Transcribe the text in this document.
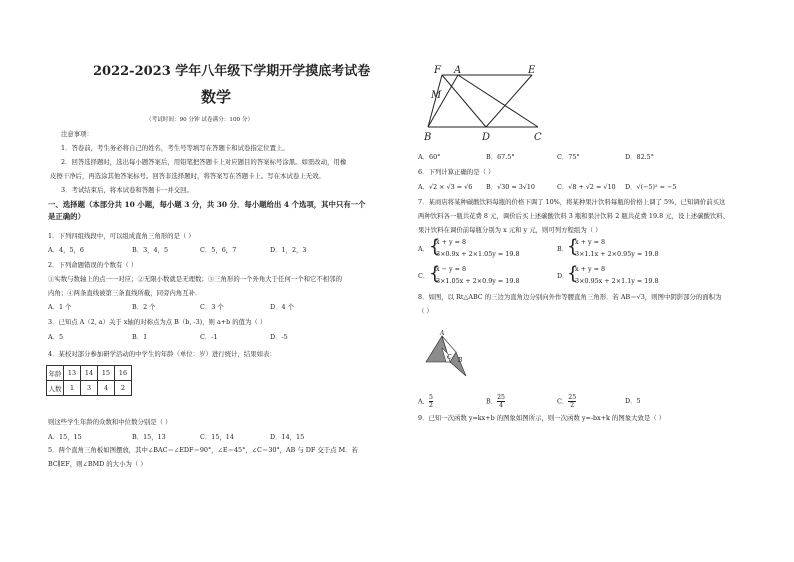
2022-2023 学年八年级下学期开学摸底考试卷
数学
（考试时间：90 分钟 试卷满分：100 分）
注意事项：
1．答卷前，考生务必将自己的姓名，考生号等填写在答题卡和试卷指定位置上。
2．回答选择题时，选出每小题答案后，用铅笔把答题卡上对应题目的答案标号涂黑。如需改动，用橡
皮擦干净后，再选涂其他答案标号。回答非选择题时，将答案写在答题卡上。写在本试卷上无效。
3．考试结束后，将本试卷和答题卡一并交回。
一、选择题（本部分共 10 小题，每小题 3 分，共 30 分．每小题给出 4 个选项，其中只有一个
是正确的）
1．下列四组线段中，可以组成直角三角形的是（ ）
A．4，5，6	B．3，4，5	C．5，6，7	D．1，2，3
2．下列命题错误的个数有（ ）
①实数与数轴上的点一一对应；②无限小数就是无理数；③三角形的一个外角大于任何一个和它不相邻的
内角；④两条直线被第三条直线所截，同旁内角互补．
A．1 个	B．2 个	C．3 个	D．4 个
3．已知点 A（2, a）关于 x轴的对称点为点 B（b, -3)，则 a+b 的值为（ ）
A．5	B．1	C．-1	D．-5
4．某校对部分参加研学活动的中学生的年龄（单位：岁）进行统计，结果如表：
年龄	13	14	15	16
人数	1	3	4	2
则这些学生年龄的众数和中位数分别是（ ）
A．15，15	B．15，13	C．15，14	D．14，15
5．两个直角三角板如图摆放，其中∠BAC＝∠EDF＝90°，∠E＝45°，∠C＝30°，AB 与 DF 交于点 M．若
BC∥EF，则∠BMD 的大小为（ ）
F A	E
M
B	D	C
A．60°	B．67.5°	C．75°	D．82.5°
6．下列计算正确的是（ ）
A．√2 × √3 = √6 B．√30 = 3√10	C．√8 + √2 = √10 D．√(−5)² = −5
7．某商店将某种碳酸饮料每瓶的价格下调了 10%，将某种果汁饮料每瓶的价格上调了 5%，已知调价前买这
两种饮料各一瓶共花费 8 元，调价后买上述碳酸饮料 3 瓶和果汁饮料 2 瓶共花费 19.8 元，设上述碳酸饮料、
果汁饮料在调价前每瓶分别为 x 元和 y 元，则可列方程组为（ ）
A． {
x + y = 8
3×0.9x + 2×1.05y = 19.8
B．
{
x + y = 8
3×1.1x + 2×0.95y = 19.8
C． {
x − y = 8
3×1.05x + 2×0.9y = 19.8
D．
{
x + y = 8
3×0.95x + 2×1.1y = 19.8
8．如图，以 Rt△ABC 的三边为直角边分别向外作等腰直角三角形．若 AB＝√3，则图中阴影部分的面积为
（ ）
A
B
C
A． $\frac{5}{2}$	B． $\frac{25}{4}$	C． $\frac{25}{2}$	D．5
9．已知一次函数 y=kx+b 的图象如图所示，则一次函数 y=-bx+k 的图象大致是（ ）
